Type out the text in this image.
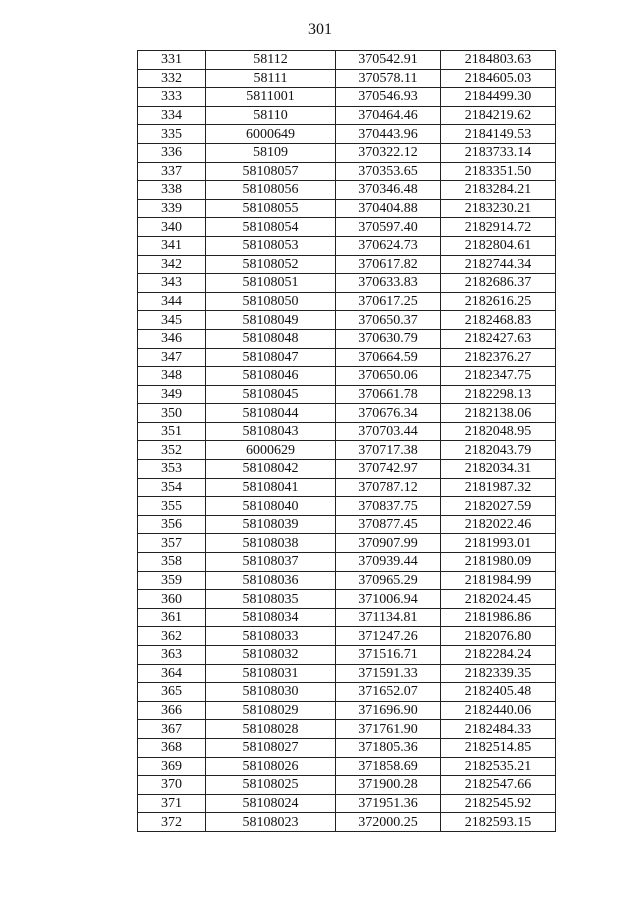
301
331	58112	370542.91	2184803.63
332	58111	370578.11	2184605.03
333	5811001	370546.93	2184499.30
334	58110	370464.46	2184219.62
335	6000649	370443.96	2184149.53
336	58109	370322.12	2183733.14
337	58108057	370353.65	2183351.50
338	58108056	370346.48	2183284.21
339	58108055	370404.88	2183230.21
340	58108054	370597.40	2182914.72
341	58108053	370624.73	2182804.61
342	58108052	370617.82	2182744.34
343	58108051	370633.83	2182686.37
344	58108050	370617.25	2182616.25
345	58108049	370650.37	2182468.83
346	58108048	370630.79	2182427.63
347	58108047	370664.59	2182376.27
348	58108046	370650.06	2182347.75
349	58108045	370661.78	2182298.13
350	58108044	370676.34	2182138.06
351	58108043	370703.44	2182048.95
352	6000629	370717.38	2182043.79
353	58108042	370742.97	2182034.31
354	58108041	370787.12	2181987.32
355	58108040	370837.75	2182027.59
356	58108039	370877.45	2182022.46
357	58108038	370907.99	2181993.01
358	58108037	370939.44	2181980.09
359	58108036	370965.29	2181984.99
360	58108035	371006.94	2182024.45
361	58108034	371134.81	2181986.86
362	58108033	371247.26	2182076.80
363	58108032	371516.71	2182284.24
364	58108031	371591.33	2182339.35
365	58108030	371652.07	2182405.48
366	58108029	371696.90	2182440.06
367	58108028	371761.90	2182484.33
368	58108027	371805.36	2182514.85
369	58108026	371858.69	2182535.21
370	58108025	371900.28	2182547.66
371	58108024	371951.36	2182545.92
372	58108023	372000.25	2182593.15
